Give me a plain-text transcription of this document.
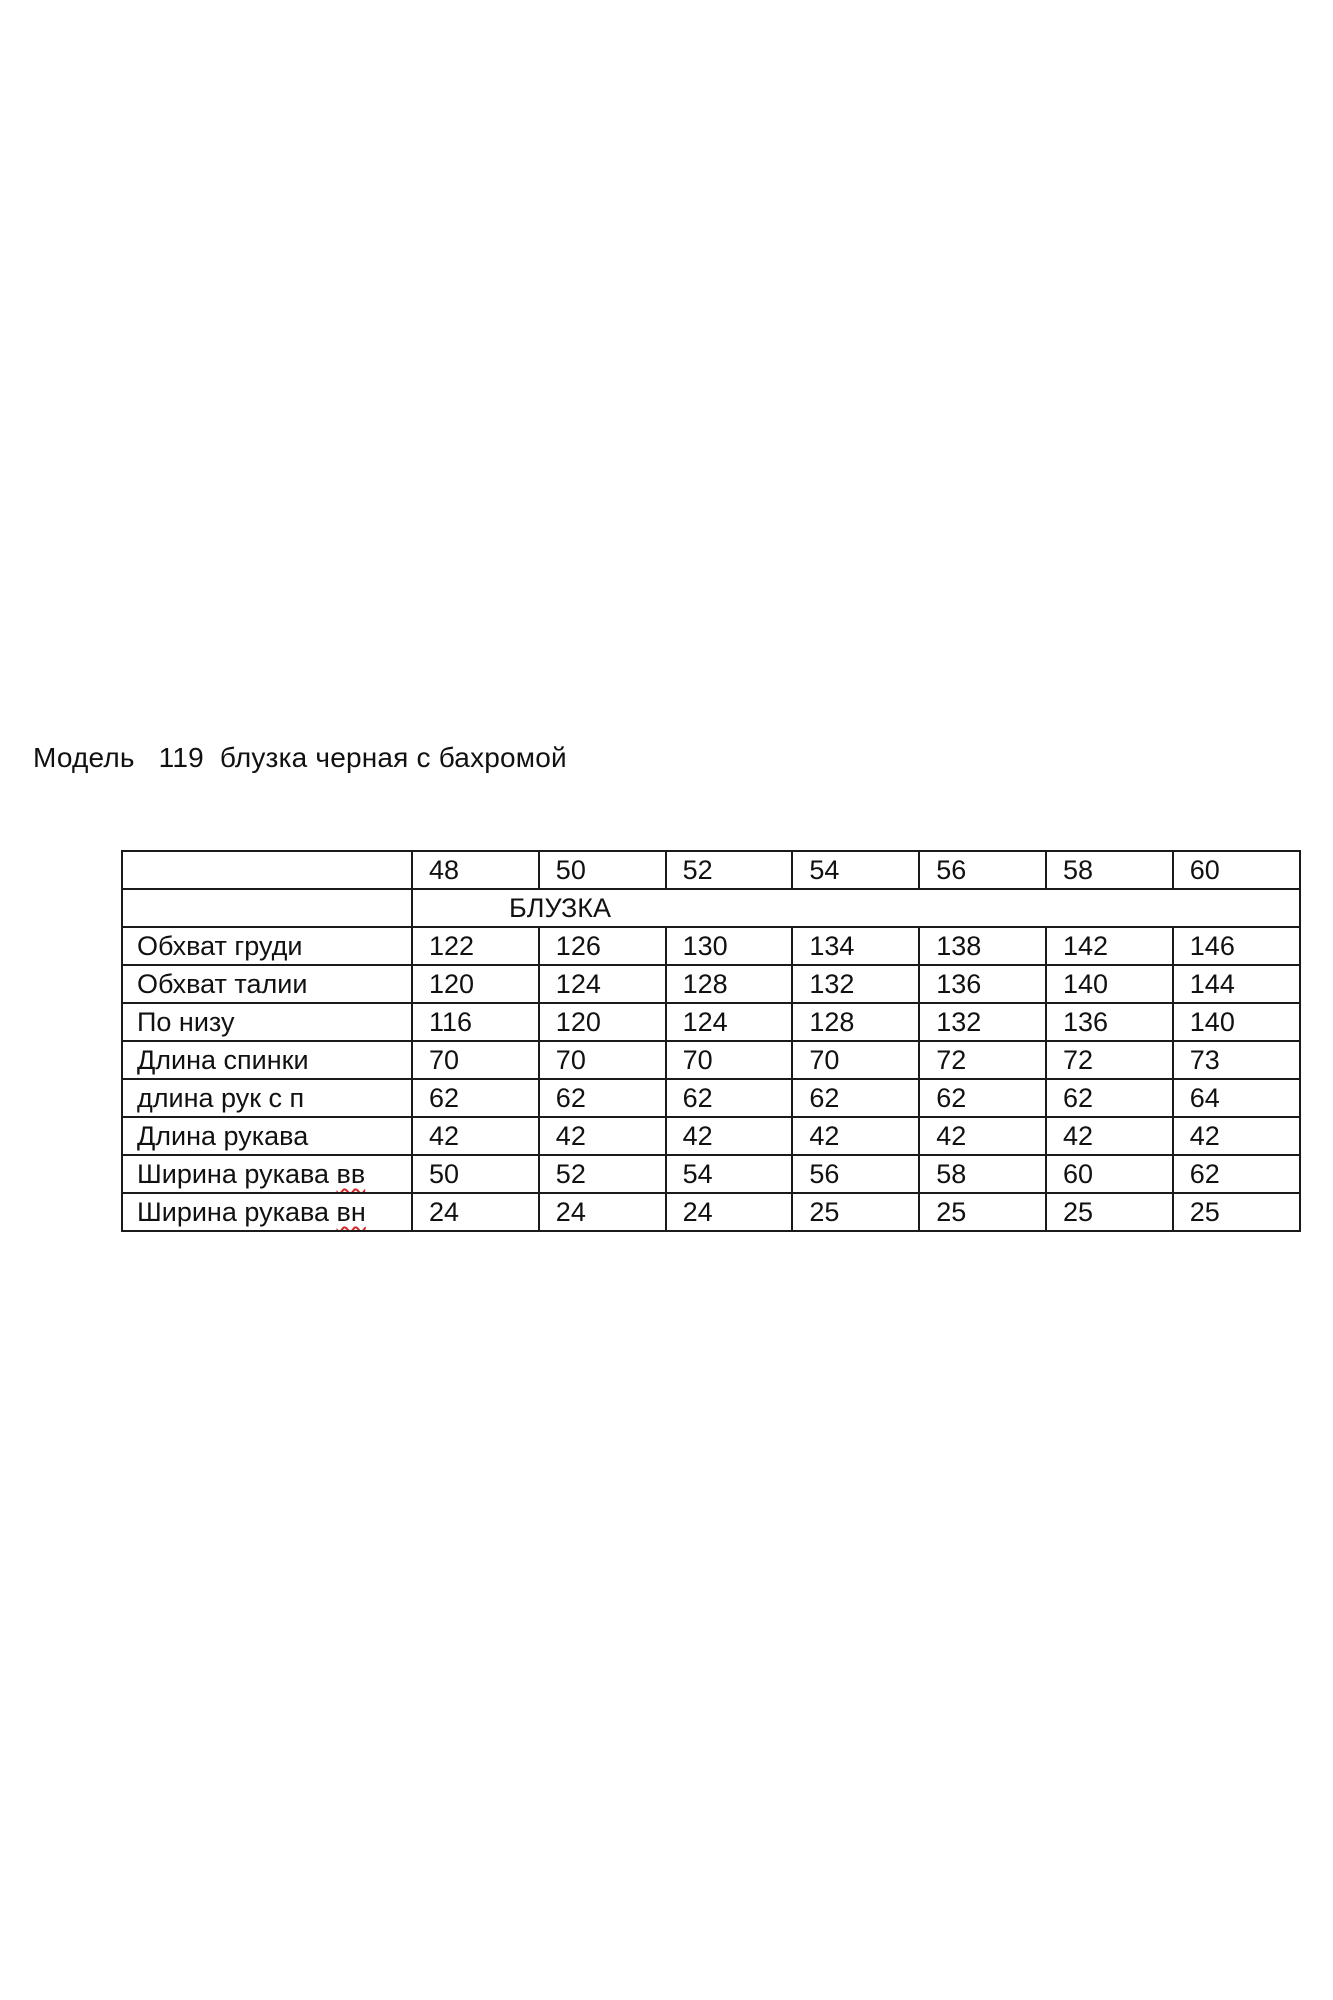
Модель   119  блузка черная с бахромой
	48	50	52	54	56	58	60
	БЛУЗКА						
Обхват груди	122	126	130	134	138	142	146
Обхват талии	120	124	128	132	136	140	144
По низу	116	120	124	128	132	136	140
Длина спинки	70	70	70	70	72	72	73
длина рук с п	62	62	62	62	62	62	64
Длина рукава	42	42	42	42	42	42	42
Ширина рукава вв	50	52	54	56	58	60	62
Ширина рукава вн	24	24	24	25	25	25	25
